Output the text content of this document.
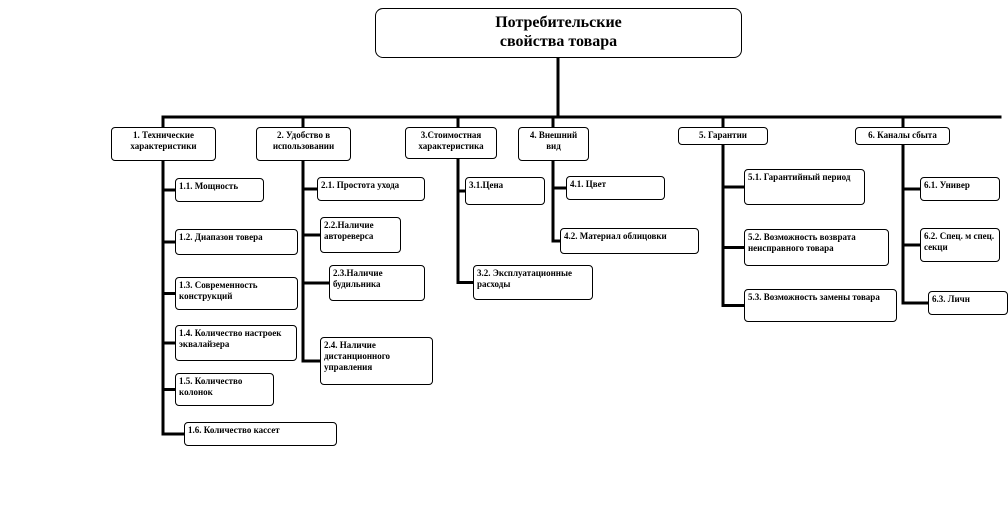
Потребительские
свойства товара
1. Технические характеристики
1.1. Мощность
1.2. Диапазон товера
1.3. Современность конструкций
1.4. Количество настроек эквалайзера
1.5. Количество колонок
1.6. Количество кассет
2. Удобство в использовании
2.1. Простота ухода
2.2.Наличие автореверса
2.3.Наличие будильника
2.4. Наличие дистанционного управления
3.Стоимостная характеристика
3.1.Цена
3.2. Эксплуатационные расходы
4. Внешний вид
4.1. Цвет
4.2. Материал облицовки
5. Гарантии
5.1. Гарантийный период
5.2. Возможность возврата неисправного товара
5.3. Возможность замены товара
6. Каналы сбыта
6.1. Универ
6.2. Спец. м спец. секци
6.3. Личн
